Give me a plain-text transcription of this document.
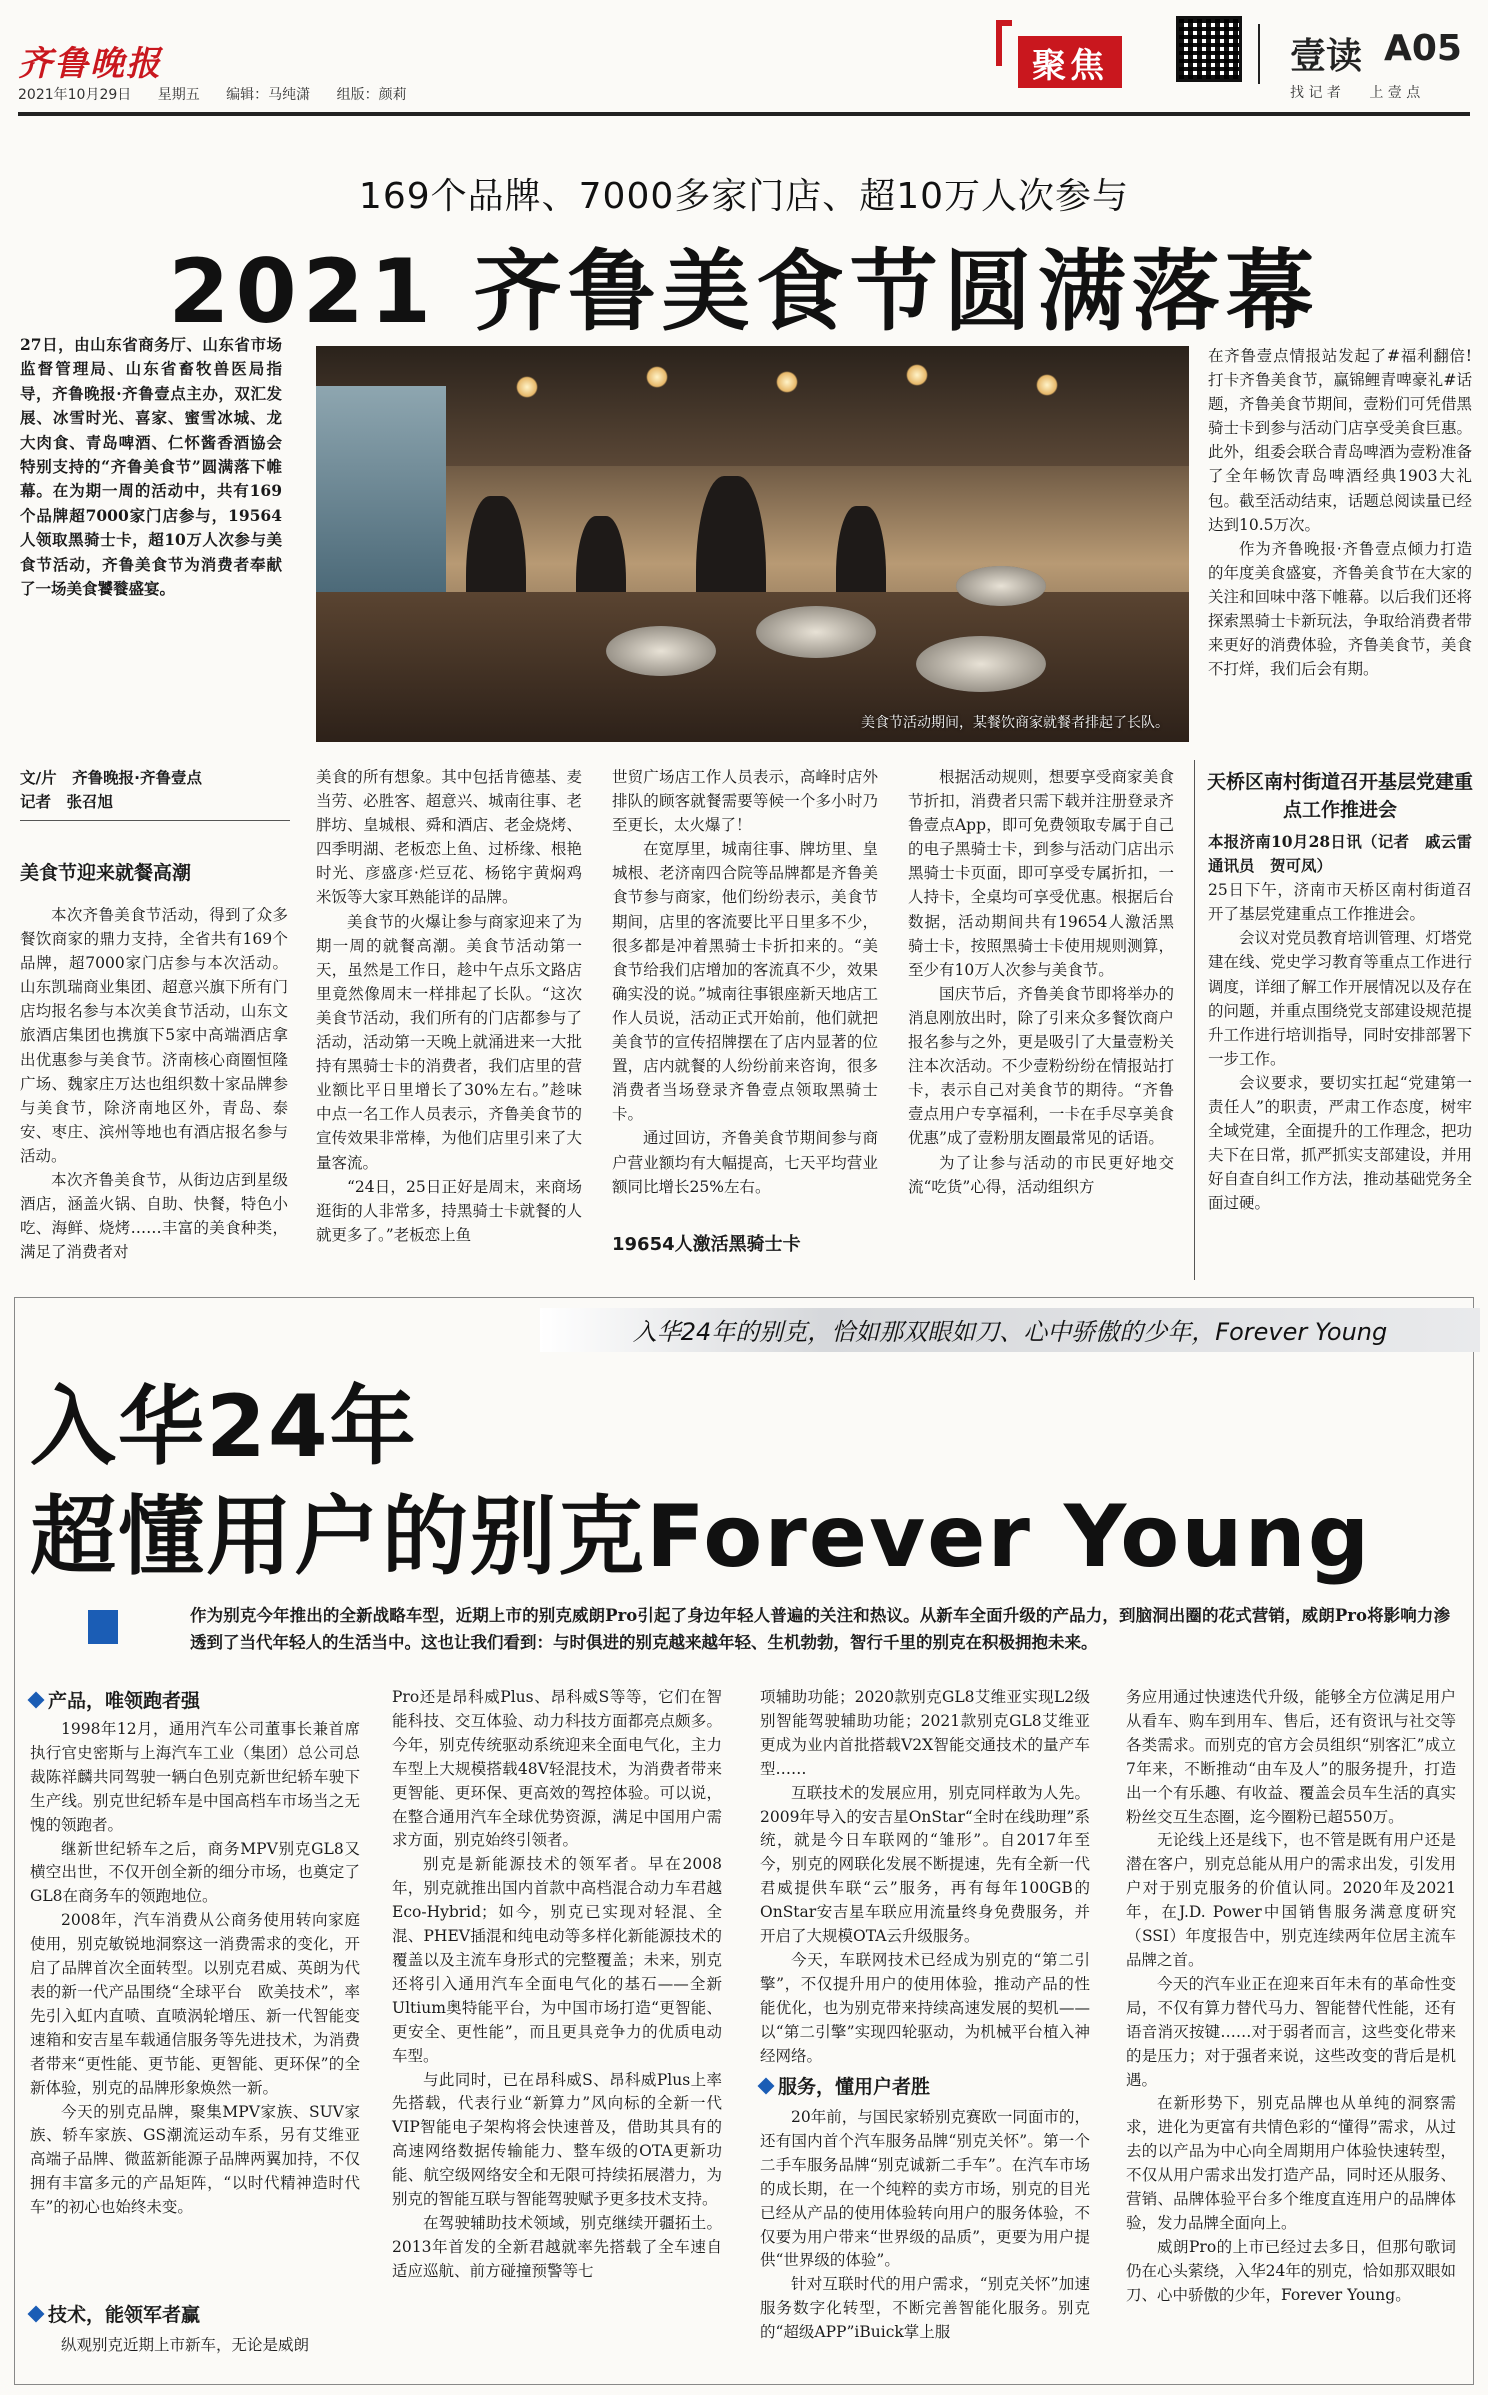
齐鲁晚报
2021年10月29日 星期五 编辑：马纯潇 组版：颜莉
聚焦	壹读 A05
找 记 者 上 壹 点
169个品牌、7000多家门店、超10万人次参与
2021 齐鲁美食节圆满落幕
27日，由山东省商务厅、山东省市场监督管理局、山东省畜牧兽医局指导，齐鲁晚报·齐鲁壹点主办，双汇发展、冰雪时光、喜家、蜜雪冰城、龙大肉食、青岛啤酒、仁怀酱香酒協会特别支持的“齐鲁美食节”圆满落下帷幕。在为期一周的活动中，共有169个品牌超7000家门店参与，19564人领取黑骑士卡，超10万人次参与美食节活动，齐鲁美食节为消费者奉献了一场美食饕餮盛宴。
美食节活动期间，某餐饮商家就餐者排起了长队。
文/片　齐鲁晚报·齐鲁壹点
记者　张召旭
美食节迎来就餐高潮

本次齐鲁美食节活动，得到了众多餐饮商家的鼎力支持，全省共有169个品牌，超7000家门店参与本次活动。山东凯瑞商业集团、超意兴旗下所有门店均报名参与本次美食节活动，山东文旅酒店集团也携旗下5家中高端酒店拿出优惠参与美食节。济南核心商圈恒隆广场、魏家庄万达也组织数十家品牌参与美食节，除济南地区外，青岛、泰安、枣庄、滨州等地也有酒店报名参与活动。

本次齐鲁美食节，从街边店到星级酒店，涵盖火锅、自助、快餐，特色小吃、海鲜、烧烤……丰富的美食种类，满足了消费者对

美食的所有想象。其中包括肯德基、麦当劳、必胜客、超意兴、城南往事、老胖坊、皇城根、舜和酒店、老金烧烤、四季明湖、老板恋上鱼、过桥缘、根艳时光、彦盛彦·烂豆花、杨铭宇黄焖鸡米饭等大家耳熟能详的品牌。

美食节的火爆让参与商家迎来了为期一周的就餐高潮。美食节活动第一天，虽然是工作日，趁中午点乐文路店里竟然像周末一样排起了长队。“这次美食节活动，我们所有的门店都参与了活动，活动第一天晚上就涌进来一大批持有黑骑士卡的消费者，我们店里的营业额比平日里增长了30%左右。”趁味中点一名工作人员表示，齐鲁美食节的宣传效果非常棒，为他们店里引来了大量客流。

“24日，25日正好是周末，来商场逛街的人非常多，持黑骑士卡就餐的人就更多了。”老板恋上鱼

世贸广场店工作人员表示，高峰时店外排队的顾客就餐需要等候一个多小时乃至更长，太火爆了！

在宽厚里，城南往事、牌坊里、皇城根、老济南四合院等品牌都是齐鲁美食节参与商家，他们纷纷表示，美食节期间，店里的客流要比平日里多不少，很多都是冲着黑骑士卡折扣来的。“美食节给我们店增加的客流真不少，效果确实没的说。”城南往事银座新天地店工作人员说，活动正式开始前，他们就把美食节的宣传招牌摆在了店内显著的位置，店内就餐的人纷纷前来咨询，很多消费者当场登录齐鲁壹点领取黑骑士卡。

通过回访，齐鲁美食节期间参与商户营业额均有大幅提高，七天平均营业额同比增长25%左右。

19654人激活黑骑士卡

根据活动规则，想要享受商家美食节折扣，消费者只需下载并注册登录齐鲁壹点App，即可免费领取专属于自己的电子黑骑士卡，到参与活动门店出示黑骑士卡页面，即可享受专属折扣，一人持卡，全桌均可享受优惠。根据后台数据，活动期间共有19654人激活黑骑士卡，按照黑骑士卡使用规则测算，至少有10万人次参与美食节。

国庆节后，齐鲁美食节即将举办的消息刚放出时，除了引来众多餐饮商户报名参与之外，更是吸引了大量壹粉关注本次活动。不少壹粉纷纷在情报站打卡，表示自己对美食节的期待。“齐鲁壹点用户专享福利，一卡在手尽享美食优惠”成了壹粉朋友圈最常见的话语。

为了让参与活动的市民更好地交流“吃货”心得，活动组织方

在齐鲁壹点情报站发起了#福利翻倍!打卡齐鲁美食节，赢锦鲤青啤豪礼#话题，齐鲁美食节期间，壹粉们可凭借黑骑士卡到参与活动门店享受美食巨惠。此外，组委会联合青岛啤酒为壹粉准备了全年畅饮青岛啤酒经典1903大礼包。截至活动结束，话题总阅读量已经达到10.5万次。

作为齐鲁晚报·齐鲁壹点倾力打造的年度美食盛宴，齐鲁美食节在大家的关注和回味中落下帷幕。以后我们还将探索黑骑士卡新玩法，争取给消费者带来更好的消费体验，齐鲁美食节，美食不打烊，我们后会有期。

天桥区南村街道召开基层党建重点工作推进会

本报济南10月28日讯（记者　戚云雷　通讯员　贺可凤）

25日下午，济南市天桥区南村街道召开了基层党建重点工作推进会。

会议对党员教育培训管理、灯塔党建在线、党史学习教育等重点工作进行调度，详细了解工作开展情况以及存在的问题，并重点围绕党支部建设规范提升工作进行培训指导，同时安排部署下一步工作。

会议要求，要切实扛起“党建第一责任人”的职责，严肃工作态度，树牢全域党建，全面提升的工作理念，把功夫下在日常，抓严抓实支部建设，并用好自查自纠工作方法，推动基础党务全面过硬。

入华24年的别克，恰如那双眼如刀、心中骄傲的少年，Forever Young
入华24年
超懂用户的别克Forever Young
作为别克今年推出的全新战略车型，近期上市的别克威朗Pro引起了身边年轻人普遍的关注和热议。从新车全面升级的产品力，到脑洞出圈的花式营销，威朗Pro将影响力渗透到了当代年轻人的生活当中。这也让我们看到：与时俱进的别克越来越年轻、生机勃勃，智行千里的别克在积极拥抱未来。
产品，唯领跑者强

1998年12月，通用汽车公司董事长兼首席执行官史密斯与上海汽车工业（集团）总公司总裁陈祥麟共同驾驶一辆白色别克新世纪轿车驶下生产线。别克世纪轿车是中国高档车市场当之无愧的领跑者。

继新世纪轿车之后，商务MPV别克GL8又横空出世，不仅开创全新的细分市场，也奠定了GL8在商务车的领跑地位。

2008年，汽车消费从公商务使用转向家庭使用，别克敏锐地洞察这一消费需求的变化，开启了品牌首次全面转型。以别克君威、英朗为代表的新一代产品围绕“全球平台　欧美技术”，率先引入虹内直喷、直喷涡轮增压、新一代智能变速箱和安吉星车载通信服务等先进技术，为消费者带来“更性能、更节能、更智能、更环保”的全新体验，别克的品牌形象焕然一新。

今天的别克品牌，聚集MPV家族、SUV家族、轿车家族、GS潮流运动车系，另有艾维亚高端子品牌、微蓝新能源子品牌两翼加持，不仅拥有丰富多元的产品矩阵，“以时代精神造时代车”的初心也始终未变。

技术，能领军者赢

纵观别克近期上市新车，无论是威朗

Pro还是昂科威Plus、昂科威S等等，它们在智能科技、交互体验、动力科技方面都亮点颇多。今年，别克传统驱动系统迎来全面电气化，主力车型上大规模搭载48V轻混技术，为消费者带来更智能、更环保、更高效的驾控体验。可以说，在整合通用汽车全球优势资源，满足中国用户需求方面，别克始终引领者。

别克是新能源技术的领军者。早在2008年，别克就推出国内首款中高档混合动力车君越Eco-Hybrid；如今，别克已实现对轻混、全混、PHEV插混和纯电动等多样化新能源技术的覆盖以及主流车身形式的完整覆盖；未来，别克还将引入通用汽车全面电气化的基石——全新Ultium奥特能平台，为中国市场打造“更智能、更安全、更性能”，而且更具竞争力的优质电动车型。

与此同时，已在昂科威S、昂科威Plus上率先搭载，代表行业“新算力”风向标的全新一代VIP智能电子架构将会快速普及，借助其具有的高速网络数据传输能力、整车级的OTA更新功能、航空级网络安全和无限可持续拓展潜力，为别克的智能互联与智能驾驶赋予更多技术支持。

在驾驶辅助技术领域，别克继续开疆拓土。2013年首发的全新君越就率先搭载了全车速自适应巡航、前方碰撞预警等七

项辅助功能；2020款别克GL8艾维亚实现L2级别智能驾驶辅助功能；2021款别克GL8艾维亚更成为业内首批搭载V2X智能交通技术的量产车型……

互联技术的发展应用，别克同样敢为人先。2009年导入的安吉星OnStar“全时在线助理”系统，就是今日车联网的“雏形”。自2017年至今，别克的网联化发展不断提速，先有全新一代君威提供车联“云”服务，再有每年100GB的OnStar安吉星车联应用流量终身免费服务，并开启了大规模OTA云升级服务。

今天，车联网技术已经成为别克的“第二引擎”，不仅提升用户的使用体验，推动产品的性能优化，也为别克带来持续高速发展的契机——以“第二引擎”实现四轮驱动，为机械平台植入神经网络。

服务，懂用户者胜

20年前，与国民家轿别克赛欧一同面市的，还有国内首个汽车服务品牌“别克关怀”。第一个二手车服务品牌“别克诚新二手车”。在汽车市场的成长期，在一个纯粹的卖方市场，别克的目光已经从产品的使用体验转向用户的服务体验，不仅要为用户带来“世界级的品质”，更要为用户提供“世界级的体验”。

针对互联时代的用户需求，“别克关怀”加速服务数字化转型，不断完善智能化服务。别克的“超级APP”iBuick掌上服

务应用通过快速迭代升级，能够全方位满足用户从看车、购车到用车、售后，还有资讯与社交等各类需求。而别克的官方会员组织“别客汇”成立7年来，不断推动“由车及人”的服务提升，打造出一个有乐趣、有收益、覆盖会员车生活的真实粉丝交互生态圈，迄今圈粉已超550万。

无论线上还是线下，也不管是既有用户还是潜在客户，别克总能从用户的需求出发，引发用户对于别克服务的价值认同。2020年及2021年，在J.D. Power中国销售服务满意度研究（SSI）年度报告中，别克连续两年位居主流车品牌之首。

今天的汽车业正在迎来百年未有的革命性变局，不仅有算力替代马力、智能替代性能，还有语音消灭按键……对于弱者而言，这些变化带来的是压力；对于强者来说，这些改变的背后是机遇。

在新形势下，别克品牌也从单纯的洞察需求，进化为更富有共情色彩的“懂得”需求，从过去的以产品为中心向全周期用户体验快速转型，不仅从用户需求出发打造产品，同时还从服务、营销、品牌体验平台多个维度直连用户的品牌体验，发力品牌全面向上。

威朗Pro的上市已经过去多日，但那句歌词仍在心头萦绕，入华24年的别克，恰如那双眼如刀、心中骄傲的少年，Forever Young。
